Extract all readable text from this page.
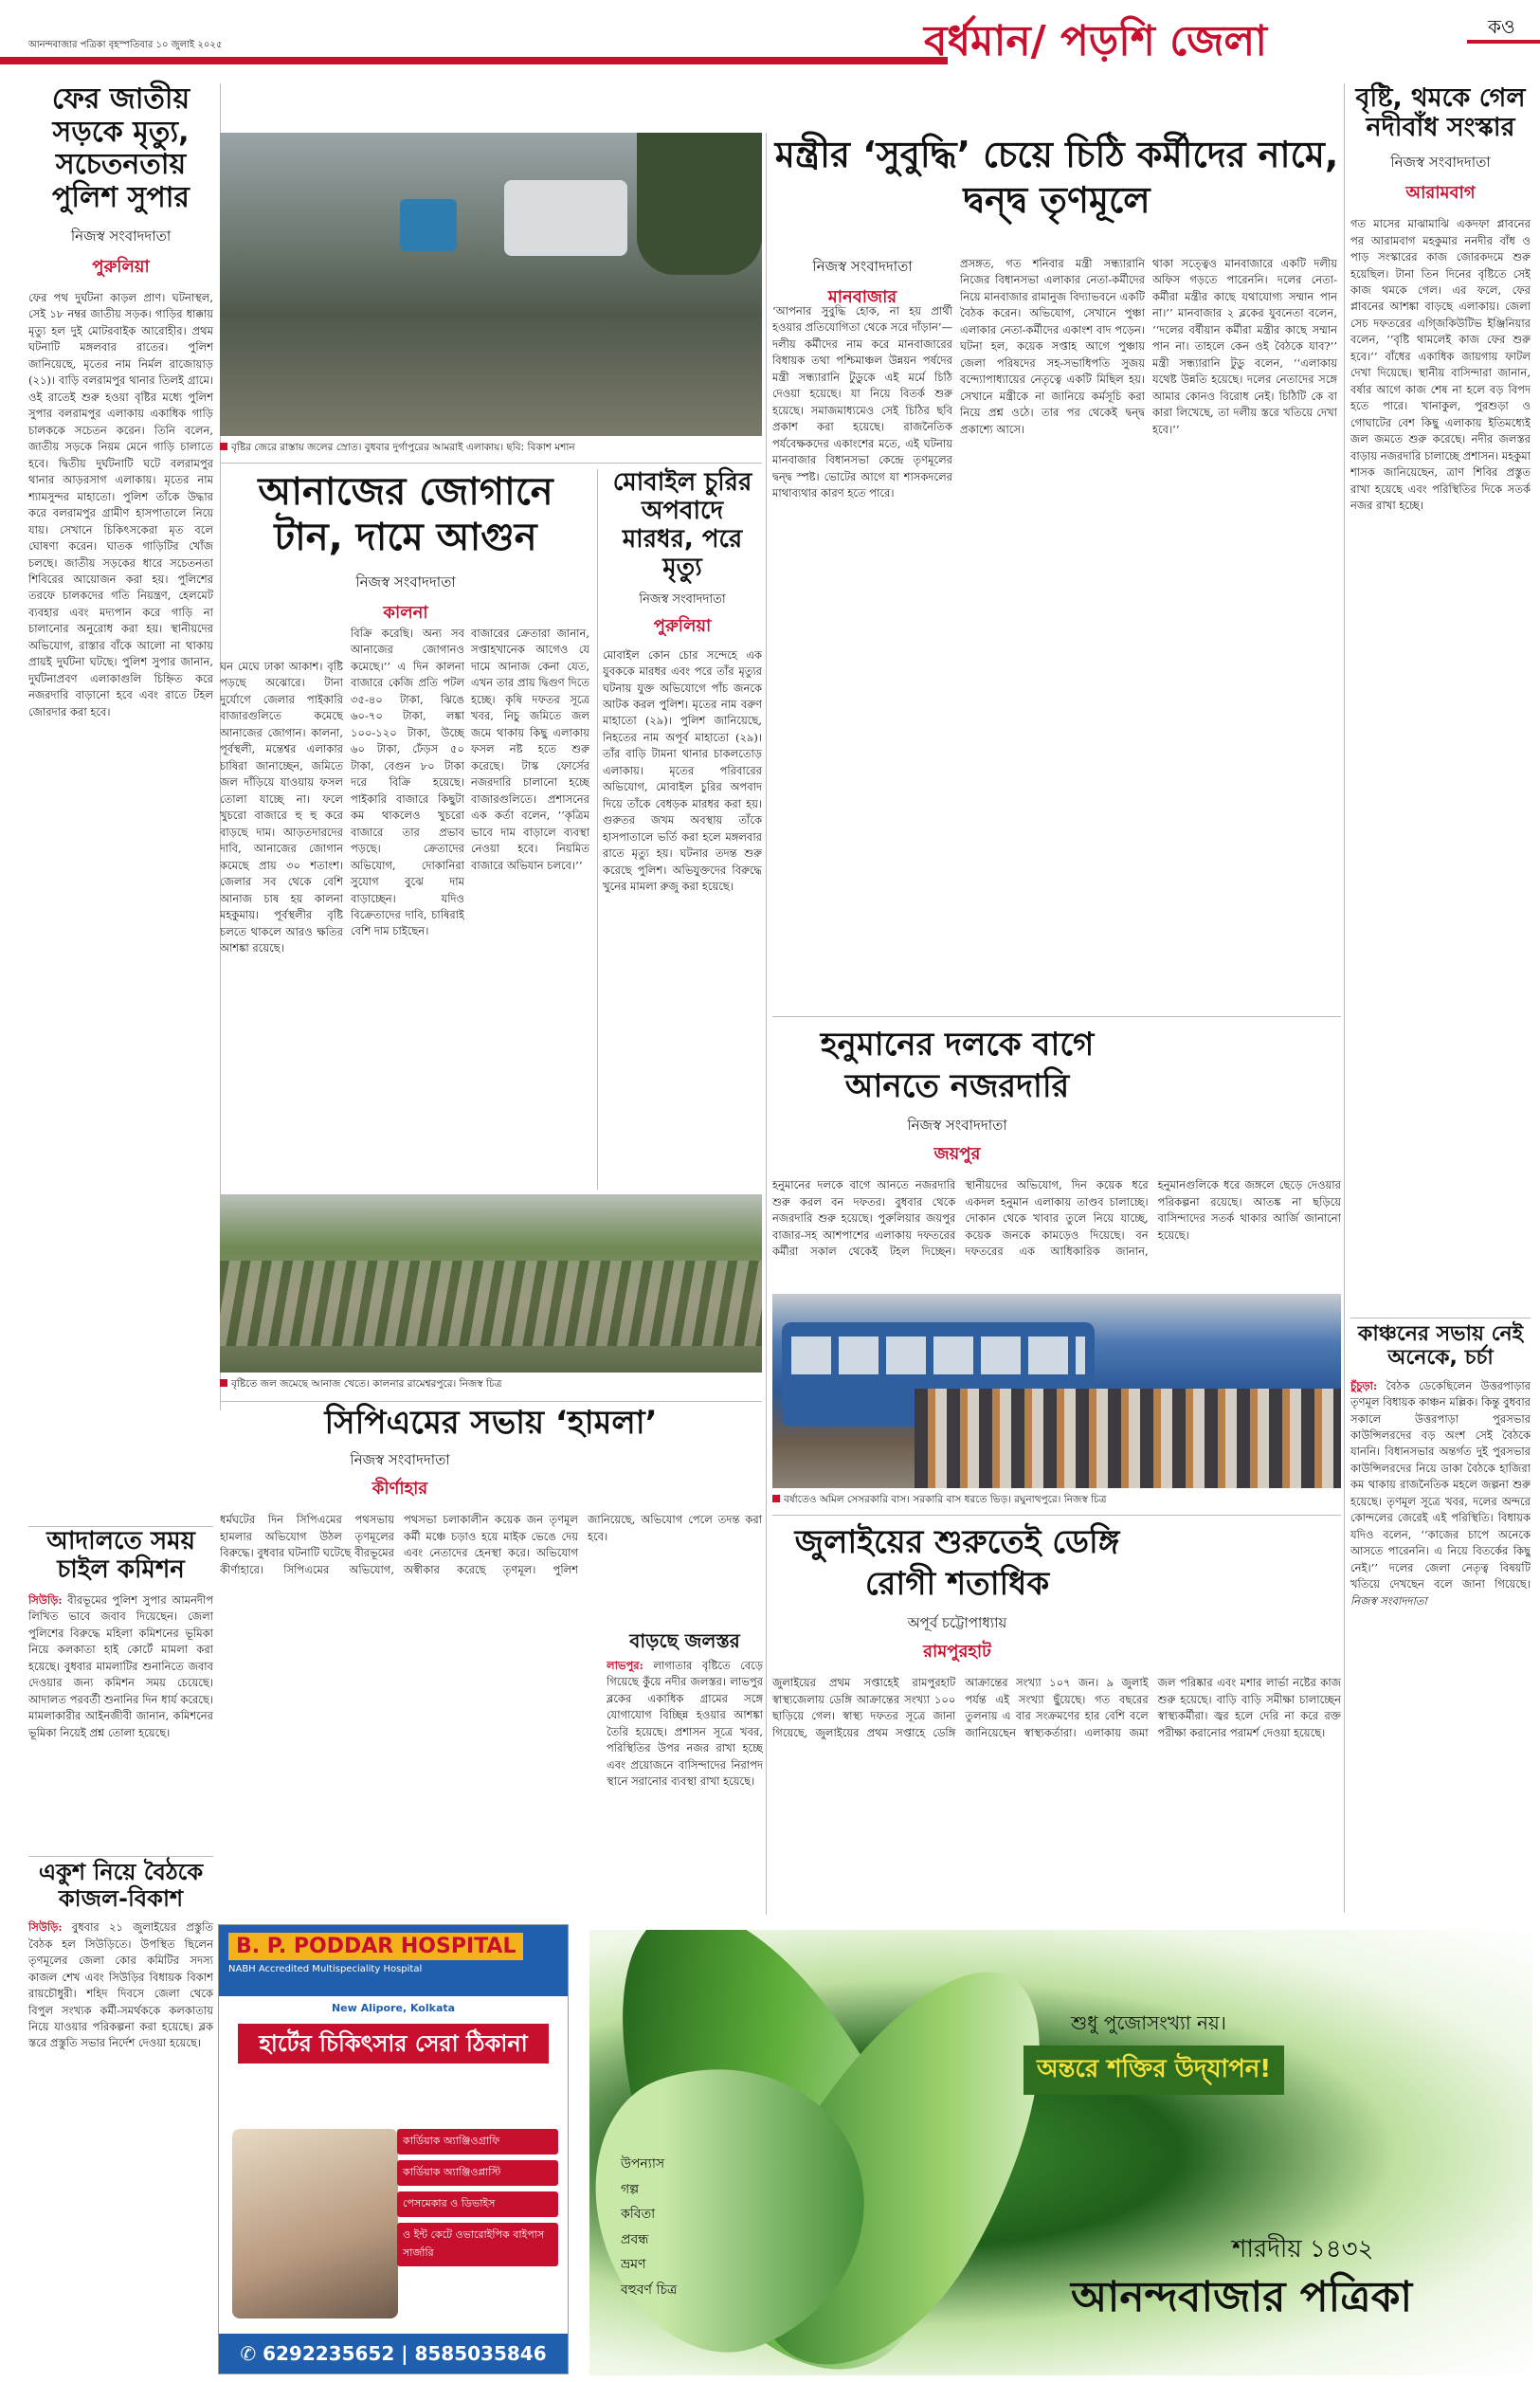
আনন্দবাজার পত্রিকা বৃহস্পতিবার ১০ জুলাই ২০২৫	বর্ধমান/ পড়শি জেলা	কও
ফের জাতীয় সড়কে মৃত্যু, সচেতনতায় পুলিশ সুপার
নিজস্ব সংবাদদাতা
পুরুলিয়া
ফের পথ দুর্ঘটনা কাড়ল প্রাণ। ঘটনাস্থল, সেই ১৮ নম্বর জাতীয় সড়ক। গাড়ির ধাক্কায় মৃত্যু হল দুই মোটরবাইক আরোহীর। প্রথম ঘটনাটি মঙ্গলবার রাতের। পুলিশ জানিয়েছে, মৃতের নাম নির্মল রাজোয়াড় (২১)। বাড়ি বলরামপুর থানার তিলই গ্রামে। ওই রাতেই শুরু হওয়া বৃষ্টির মধ্যে পুলিশ সুপার বলরামপুর এলাকায় একাধিক গাড়ি চালককে সচেতন করেন। তিনি বলেন, জাতীয় সড়কে নিয়ম মেনে গাড়ি চালাতে হবে। দ্বিতীয় দুর্ঘটনাটি ঘটে বলরামপুর থানার আড়রসাগ এলাকায়। মৃতের নাম শ্যামসুন্দর মাহাতো। পুলিশ তাঁকে উদ্ধার করে বলরামপুর গ্রামীণ হাসপাতালে নিয়ে যায়। সেখানে চিকিৎসকেরা মৃত বলে ঘোষণা করেন। ঘাতক গাড়িটির খোঁজ চলছে। জাতীয় সড়কের ধারে সচেতনতা শিবিরের আয়োজন করা হয়। পুলিশের তরফে চালকদের গতি নিয়ন্ত্রণ, হেলমেট ব্যবহার এবং মদ্যপান করে গাড়ি না চালানোর অনুরোধ করা হয়। স্থানীয়দের অভিযোগ, রাস্তার বাঁকে আলো না থাকায় প্রায়ই দুর্ঘটনা ঘটছে। পুলিশ সুপার জানান, দুর্ঘটনাপ্রবণ এলাকাগুলি চিহ্নিত করে নজরদারি বাড়ানো হবে এবং রাতে টহল জোরদার করা হবে।
আদালতে সময় চাইল কমিশন
সিউড়ি: বীরভূমের পুলিশ সুপার আমনদীপ লিখিত ভাবে জবাব দিয়েছেন। জেলা পুলিশের বিরুদ্ধে মহিলা কমিশনের ভূমিকা নিয়ে কলকাতা হাই কোর্টে মামলা করা হয়েছে। বুধবার মামলাটির শুনানিতে জবাব দেওয়ার জন্য কমিশন সময় চেয়েছে। আদালত পরবর্তী শুনানির দিন ধার্য করেছে। মামলাকারীর আইনজীবী জানান, কমিশনের ভূমিকা নিয়েই প্রশ্ন তোলা হয়েছে।
একুশ নিয়ে বৈঠকে কাজল-বিকাশ
সিউড়ি: বুধবার ২১ জুলাইয়ের প্রস্তুতি বৈঠক হল সিউড়িতে। উপস্থিত ছিলেন তৃণমূলের জেলা কোর কমিটির সদস্য কাজল শেখ এবং সিউড়ির বিধায়ক বিকাশ রায়চৌধুরী। শহিদ দিবসে জেলা থেকে বিপুল সংখ্যক কর্মী-সমর্থককে কলকাতায় নিয়ে যাওয়ার পরিকল্পনা করা হয়েছে। ব্লক স্তরে প্রস্তুতি সভার নির্দেশ দেওয়া হয়েছে।
বৃষ্টির জেরে রাস্তায় জলের স্রোত। বুধবার দুর্গাপুরের আমরাই এলাকায়। ছবি: বিকাশ মশান
আনাজের জোগানে টান, দামে আগুন
নিজস্ব সংবাদদাতা
কালনা
ঘন মেঘে ঢাকা আকাশ। বৃষ্টি পড়ছে অঝোরে। টানা দুর্যোগে জেলার পাইকারি বাজারগুলিতে কমেছে আনাজের জোগান। কালনা, পূর্বস্থলী, মন্তেশ্বর এলাকার চাষিরা জানাচ্ছেন, জমিতে জল দাঁড়িয়ে যাওয়ায় ফসল তোলা যাচ্ছে না। ফলে খুচরো বাজারে হু হু করে বাড়ছে দাম। আড়তদারদের দাবি, আনাজের জোগান কমেছে প্রায় ৩০ শতাংশ। জেলার সব থেকে বেশি আনাজ চাষ হয় কালনা মহকুমায়। পূর্বস্থলীর বৃষ্টি চলতে থাকলে আরও ক্ষতির আশঙ্কা রয়েছে।
বিক্রি করেছি। অন্য সব আনাজের জোগানও কমেছে।’’ এ দিন কালনা বাজারে কেজি প্রতি পটল ৩৫-৪০ টাকা, ঝিঙে ৬০-৭০ টাকা, লঙ্কা ১০০-১২০ টাকা, উচ্ছে ৬০ টাকা, ঢেঁড়স ৫০ টাকা, বেগুন ৮০ টাকা দরে বিক্রি হয়েছে। পাইকারি বাজারে কিছুটা কম থাকলেও খুচরো বাজারে তার প্রভাব পড়ছে। ক্রেতাদের অভিযোগ, দোকানিরা সুযোগ বুঝে দাম বাড়াচ্ছেন। যদিও বিক্রেতাদের দাবি, চাষিরাই বেশি দাম চাইছেন।
বাজারের ক্রেতারা জানান, সপ্তাহখানেক আগেও যে দামে আনাজ কেনা যেত, এখন তার প্রায় দ্বিগুণ দিতে হচ্ছে। কৃষি দফতর সূত্রে খবর, নিচু জমিতে জল জমে থাকায় কিছু এলাকায় ফসল নষ্ট হতে শুরু করেছে। টাস্ক ফোর্সের নজরদারি চালানো হচ্ছে বাজারগুলিতে। প্রশাসনের এক কর্তা বলেন, ‘‘কৃত্রিম ভাবে দাম বাড়ালে ব্যবস্থা নেওয়া হবে। নিয়মিত বাজারে অভিযান চলবে।’’
মোবাইল চুরির অপবাদে মারধর, পরে মৃত্যু
নিজস্ব সংবাদদাতা
পুরুলিয়া
মোবাইল কোন চোর সন্দেহে এক যুবককে মারধর এবং পরে তাঁর মৃত্যুর ঘটনায় যুক্ত অভিযোগে পাঁচ জনকে আটক করল পুলিশ। মৃতের নাম বরুণ মাহাতো (২৯)। পুলিশ জানিয়েছে, নিহতের নাম অপূর্ব মাহাতো (২৯)। তাঁর বাড়ি টামনা থানার চাকলতোড় এলাকায়। মৃতের পরিবারের অভিযোগ, মোবাইল চুরির অপবাদ দিয়ে তাঁকে বেধড়ক মারধর করা হয়। গুরুতর জখম অবস্থায় তাঁকে হাসপাতালে ভর্তি করা হলে মঙ্গলবার রাতে মৃত্যু হয়। ঘটনার তদন্ত শুরু করেছে পুলিশ। অভিযুক্তদের বিরুদ্ধে খুনের মামলা রুজু করা হয়েছে।
বৃষ্টিতে জল জমেছে আনাজ খেতে। কালনার রামেশ্বরপুরে। নিজস্ব চিত্র
সিপিএমের সভায় ‘হামলা’
নিজস্ব সংবাদদাতা
কীর্ণাহার
ধর্মঘটের দিন সিপিএমের পথসভায় হামলার অভিযোগ উঠল তৃণমূলের বিরুদ্ধে। বুধবার ঘটনাটি ঘটেছে বীরভূমের কীর্ণাহারে। সিপিএমের অভিযোগ, পথসভা চলাকালীন কয়েক জন তৃণমূল কর্মী মঞ্চে চড়াও হয়ে মাইক ভেঙে দেয় এবং নেতাদের হেনস্থা করে। অভিযোগ অস্বীকার করেছে তৃণমূল। পুলিশ জানিয়েছে, অভিযোগ পেলে তদন্ত করা হবে।
মন্ত্রীর ‘সুবুদ্ধি’ চেয়ে চিঠি কর্মীদের নামে, দ্বন্দ্ব তৃণমূলে
নিজস্ব সংবাদদাতা
মানবাজার
‘আপনার সুবুদ্ধি হোক, না হয় প্রার্থী হওয়ার প্রতিযোগিতা থেকে সরে দাঁড়ান’— দলীয় কর্মীদের নাম করে মানবাজারের বিধায়ক তথা পশ্চিমাঞ্চল উন্নয়ন পর্ষদের মন্ত্রী সন্ধ্যারানি টুডুকে এই মর্মে চিঠি দেওয়া হয়েছে। যা নিয়ে বিতর্ক শুরু হয়েছে। সমাজমাধ্যমেও সেই চিঠির ছবি প্রকাশ করা হয়েছে। রাজনৈতিক পর্যবেক্ষকদের একাংশের মতে, এই ঘটনায় মানবাজার বিধানসভা কেন্দ্রে তৃণমূলের দ্বন্দ্ব স্পষ্ট। ভোটের আগে যা শাসকদলের মাথাব্যথার কারণ হতে পারে।
প্রসঙ্গত, গত শনিবার মন্ত্রী সন্ধ্যারানি নিজের বিধানসভা এলাকার নেতা-কর্মীদের নিয়ে মানবাজার রামানুজ বিদ্যাভবনে একটি বৈঠক করেন। অভিযোগ, সেখানে পুঞ্চা এলাকার নেতা-কর্মীদের একাংশ বাদ পড়েন। ঘটনা হল, কয়েক সপ্তাহ আগে পুঞ্চায় জেলা পরিষদের সহ-সভাধিপতি সুজয় বন্দ্যোপাধ্যায়ের নেতৃত্বে একটি মিছিল হয়। সেখানে মন্ত্রীকে না জানিয়ে কর্মসূচি করা নিয়ে প্রশ্ন ওঠে। তার পর থেকেই দ্বন্দ্ব প্রকাশ্যে আসে।
থাকা সত্ত্বেও মানবাজারে একটি দলীয় অফিস গড়তে পারেননি। দলের নেতা-কর্মীরা মন্ত্রীর কাছে যথাযোগ্য সম্মান পান না।’’ মানবাজার ২ ব্লকের যুবনেতা বলেন, ‘‘দলের বর্ষীয়ান কর্মীরা মন্ত্রীর কাছে সম্মান পান না। তাহলে কেন ওই বৈঠকে যাব?’’ মন্ত্রী সন্ধ্যারানি টুডু বলেন, ‘‘এলাকায় যথেষ্ট উন্নতি হয়েছে। দলের নেতাদের সঙ্গে আমার কোনও বিরোধ নেই। চিঠিটি কে বা কারা লিখেছে, তা দলীয় স্তরে খতিয়ে দেখা হবে।’’
বৃষ্টি, থমকে গেল নদীবাঁধ সংস্কার
নিজস্ব সংবাদদাতা
আরামবাগ
গত মাসের মাঝামাঝি একদফা প্লাবনের পর আরামবাগ মহকুমার ননদীর বাঁধ ও পাড় সংস্কারের কাজ জোরকদমে শুরু হয়েছিল। টানা তিন দিনের বৃষ্টিতে সেই কাজ থমকে গেল। এর ফলে, ফের প্লাবনের আশঙ্কা বাড়ছে এলাকায়। জেলা সেচ দফতরের এগ্জিকিউটিভ ইঞ্জিনিয়ার বলেন, ‘‘বৃষ্টি থামলেই কাজ ফের শুরু হবে।’’ বাঁধের একাধিক জায়গায় ফাটল দেখা দিয়েছে। স্থানীয় বাসিন্দারা জানান, বর্ষার আগে কাজ শেষ না হলে বড় বিপদ হতে পারে। খানাকুল, পুরশুড়া ও গোঘাটের বেশ কিছু এলাকায় ইতিমধ্যেই জল জমতে শুরু করেছে। নদীর জলস্তর বাড়ায় নজরদারি চালাচ্ছে প্রশাসন। মহকুমা শাসক জানিয়েছেন, ত্রাণ শিবির প্রস্তুত রাখা হয়েছে এবং পরিস্থিতির দিকে সতর্ক নজর রাখা হচ্ছে।
কাঞ্চনের সভায় নেই অনেকে, চর্চা
চুঁচুড়া: বৈঠক ডেকেছিলেন উত্তরপাড়ার তৃণমূল বিধায়ক কাঞ্চন মল্লিক। কিন্তু বুধবার সকালে উত্তরপাড়া পুরসভার কাউন্সিলরদের বড় অংশ সেই বৈঠকে যাননি। বিধানসভার অন্তর্গত দুই পুরসভার কাউন্সিলরদের নিয়ে ডাকা বৈঠকে হাজিরা কম থাকায় রাজনৈতিক মহলে জল্পনা শুরু হয়েছে। তৃণমূল সূত্রে খবর, দলের অন্দরে কোন্দলের জেরেই এই পরিস্থিতি। বিধায়ক যদিও বলেন, ‘‘কাজের চাপে অনেকে আসতে পারেননি। এ নিয়ে বিতর্কের কিছু নেই।’’ দলের জেলা নেতৃত্ব বিষয়টি খতিয়ে দেখছেন বলে জানা গিয়েছে। নিজস্ব সংবাদদাতা
হনুমানের দলকে বাগে আনতে নজরদারি
নিজস্ব সংবাদদাতা
জয়পুর
হনুমানের দলকে বাগে আনতে নজরদারি শুরু করল বন দফতর। বুধবার থেকে নজরদারি শুরু হয়েছে। পুরুলিয়ার জয়পুর বাজার-সহ আশপাশের এলাকায় দফতরের কর্মীরা সকাল থেকেই টহল দিচ্ছেন। স্থানীয়দের অভিযোগ, দিন কয়েক ধরে একদল হনুমান এলাকায় তাণ্ডব চালাচ্ছে। দোকান থেকে খাবার তুলে নিয়ে যাচ্ছে, কয়েক জনকে কামড়েও দিয়েছে। বন দফতরের এক আধিকারিক জানান, হনুমানগুলিকে ধরে জঙ্গলে ছেড়ে দেওয়ার পরিকল্পনা রয়েছে। আতঙ্ক না ছড়িয়ে বাসিন্দাদের সতর্ক থাকার আর্জি জানানো হয়েছে।
বর্ষাতেও অমিল সেসরকারি বাস। সরকারি বাস ধরতে ভিড়। রঘুনাথপুরে। নিজস্ব চিত্র
জুলাইয়ের শুরুতেই ডেঙ্গি রোগী শতাধিক
অপূর্ব চট্টোপাধ্যায়
রামপুরহাট
জুলাইয়ের প্রথম সপ্তাহেই রামপুরহাট স্বাস্থ্যজেলায় ডেঙ্গি আক্রান্তের সংখ্যা ১০০ ছাড়িয়ে গেল। স্বাস্থ্য দফতর সূত্রে জানা গিয়েছে, জুলাইয়ের প্রথম সপ্তাহে ডেঙ্গি আক্রান্তের সংখ্যা ১০৭ জন। ৯ জুলাই পর্যন্ত এই সংখ্যা ছুঁয়েছে। গত বছরের তুলনায় এ বার সংক্রমণের হার বেশি বলে জানিয়েছেন স্বাস্থ্যকর্তারা। এলাকায় জমা জল পরিষ্কার এবং মশার লার্ভা নষ্টের কাজ শুরু হয়েছে। বাড়ি বাড়ি সমীক্ষা চালাচ্ছেন স্বাস্থ্যকর্মীরা। জ্বর হলে দেরি না করে রক্ত পরীক্ষা করানোর পরামর্শ দেওয়া হয়েছে।
বাড়ছে জলস্তর
লাভপুর: লাগাতার বৃষ্টিতে বেড়ে গিয়েছে কুঁয়ে নদীর জলস্তর। লাভপুর ব্লকের একাধিক গ্রামের সঙ্গে যোগাযোগ বিচ্ছিন্ন হওয়ার আশঙ্কা তৈরি হয়েছে। প্রশাসন সূত্রে খবর, পরিস্থিতির উপর নজর রাখা হচ্ছে এবং প্রয়োজনে বাসিন্দাদের নিরাপদ স্থানে সরানোর ব্যবস্থা রাখা হয়েছে।
B. P. PODDAR HOSPITAL
NABH Accredited Multispeciality Hospital
New Alipore, Kolkata
হার্টের চিকিৎসার সেরা ঠিকানা
কার্ডিয়াক অ্যাঞ্জিওগ্রাফি
কার্ডিয়াক অ্যাঞ্জিওপ্লাস্টি
পেসমেকার ও ডিভাইস
ও ইন্ট কেটে ওভারোইপিক বাইপাস সার্জারি
✆ 6292235652 | 8585035846
শুধু পুজোসংখ্যা নয়।
অন্তরে শক্তির উদ্‌যাপন!
উপন্যাস
গল্প
কবিতা
প্রবন্ধ
ভ্রমণ
বহুবর্ণ চিত্র
শারদীয় ১৪৩২
আনন্দবাজার পত্রিকা
